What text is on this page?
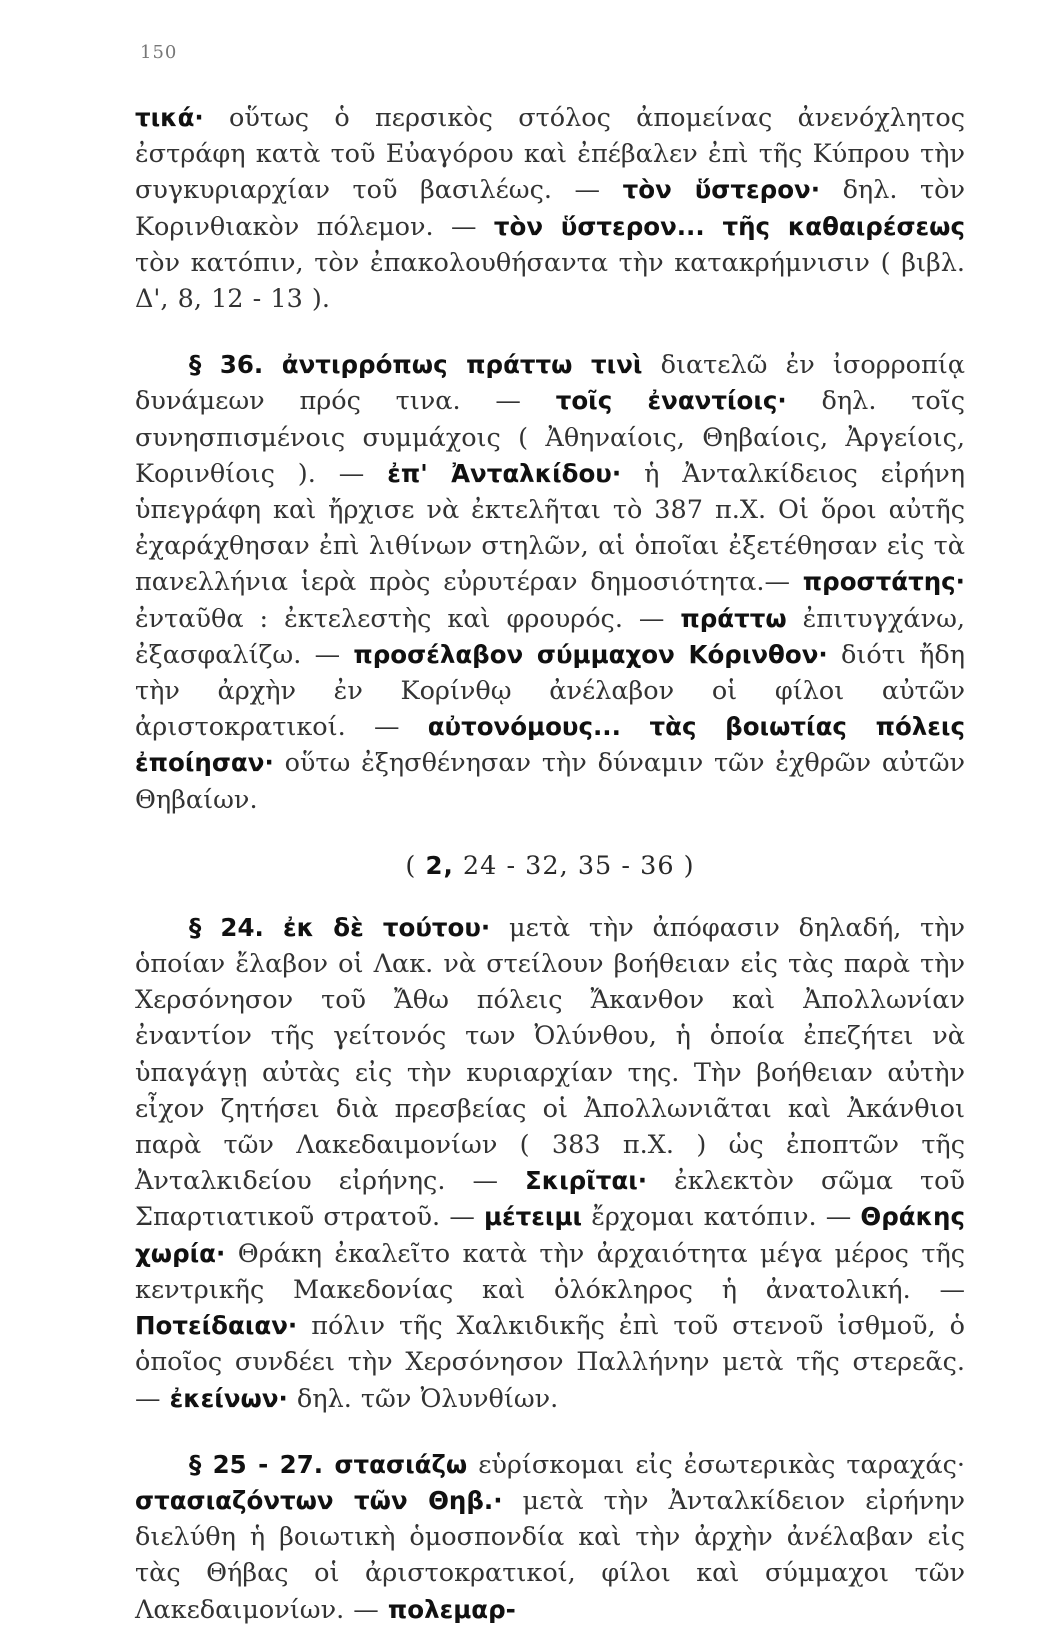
150

τικά· οὕτως ὁ περσικὸς στόλος ἀπομείνας ἀνενόχλητος ἐστράφη κατὰ τοῦ Εὐαγόρου καὶ ἐπέβαλεν ἐπὶ τῆς Κύπρου τὴν συγκυριαρχίαν τοῦ βασιλέως. — τὸν ὕστερον· δηλ. τὸν Κορινθιακὸν πόλεμον. — τὸν ὕστερον... τῆς καθαιρέσεως τὸν κατόπιν, τὸν ἐπακολουθήσαντα τὴν κατακρήμνισιν ( βιβλ. Δ', 8, 12 - 13 ).

§ 36. ἀντιρρόπως πράττω τινὶ διατελῶ ἐν ἰσορροπίᾳ δυνάμεων πρός τινα. — τοῖς ἐναντίοις· δηλ. τοῖς συνησπισμένοις συμμάχοις ( Ἀθηναίοις, Θηβαίοις, Ἀργείοις, Κορινθίοις ). — ἐπ' Ἀνταλκίδου· ἡ Ἀνταλκίδειος εἰρήνη ὑπεγράφη καὶ ἤρχισε νὰ ἐκτελῆται τὸ 387 π.Χ. Οἱ ὅροι αὐτῆς ἐχαράχθησαν ἐπὶ λιθίνων στηλῶν, αἱ ὁποῖαι ἐξετέθησαν εἰς τὰ πανελλήνια ἱερὰ πρὸς εὐρυτέραν δημοσιότητα.— προστάτης· ἐνταῦθα : ἐκτελεστὴς καὶ φρουρός. — πράττω ἐπιτυγχάνω, ἐξασφαλίζω. — προσέλαβον σύμμαχον Κόρινθον· διότι ἤδη τὴν ἀρχὴν ἐν Κορίνθῳ ἀνέλαβον οἱ φίλοι αὐτῶν ἀριστοκρατικοί. — αὐτονόμους... τὰς βοιωτίας πόλεις ἐποίησαν· οὕτω ἐξησθένησαν τὴν δύναμιν τῶν ἐχθρῶν αὐτῶν Θηβαίων.

( 2, 24 - 32, 35 - 36 )

§ 24. ἐκ δὲ τούτου· μετὰ τὴν ἀπόφασιν δηλαδή, τὴν ὁποίαν ἔλαβον οἱ Λακ. νὰ στείλουν βοήθειαν εἰς τὰς παρὰ τὴν Χερσόνησον τοῦ Ἄθω πόλεις Ἄκανθον καὶ Ἀπολλωνίαν ἐναντίον τῆς γείτονός των Ὀλύνθου, ἡ ὁποία ἐπεζήτει νὰ ὑπαγάγῃ αὐτὰς εἰς τὴν κυριαρχίαν της. Τὴν βοήθειαν αὐτὴν εἶχον ζητήσει διὰ πρεσβείας οἱ Ἀπολλωνιᾶται καὶ Ἀκάνθιοι παρὰ τῶν Λακεδαιμονίων ( 383 π.Χ. ) ὡς ἐποπτῶν τῆς Ἀνταλκιδείου εἰρήνης. — Σκιρῖται· ἐκλεκτὸν σῶμα τοῦ Σπαρτιατικοῦ στρατοῦ. — μέτειμι ἔρχομαι κατόπιν. — Θράκης χωρία· Θράκη ἐκαλεῖτο κατὰ τὴν ἀρχαιότητα μέγα μέρος τῆς κεντρικῆς Μακεδονίας καὶ ὁλόκληρος ἡ ἀνατολική. — Ποτείδαιαν· πόλιν τῆς Χαλκιδικῆς ἐπὶ τοῦ στενοῦ ἰσθμοῦ, ὁ ὁποῖος συνδέει τὴν Χερσόνησον Παλλήνην μετὰ τῆς στερεᾶς. — ἐκείνων· δηλ. τῶν Ὀλυνθίων.

§ 25 - 27. στασιάζω εὑρίσκομαι εἰς ἐσωτερικὰς ταραχάς· στασιαζόντων τῶν Θηβ.· μετὰ τὴν Ἀνταλκίδειον εἰρήνην διελύθη ἡ βοιωτικὴ ὁμοσπονδία καὶ τὴν ἀρχὴν ἀνέλαβαν εἰς τὰς Θήβας οἱ ἀριστοκρατικοί, φίλοι καὶ σύμμαχοι τῶν Λακεδαιμονίων. — πολεμαρ-
